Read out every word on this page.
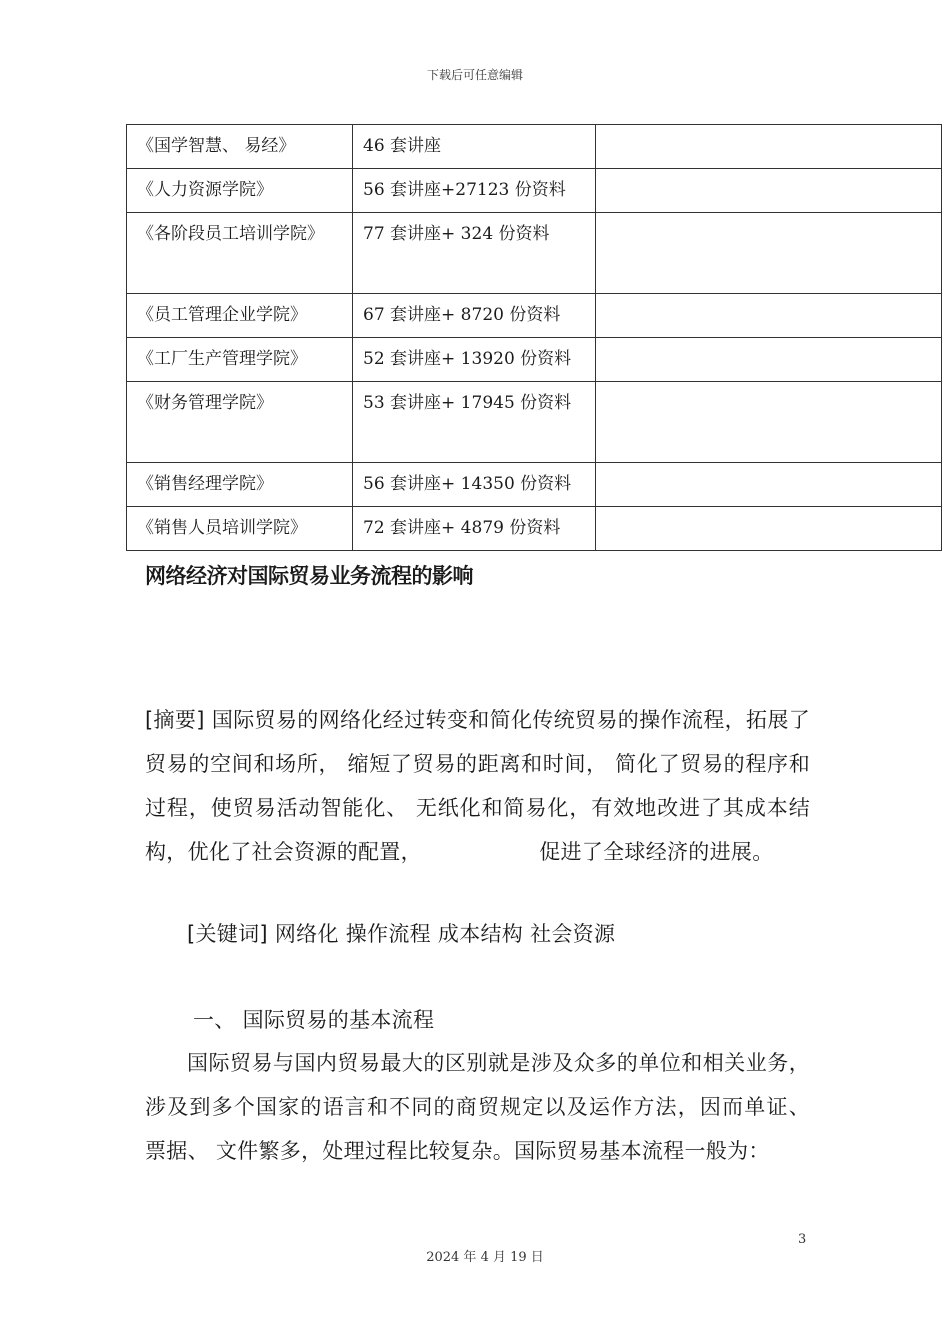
下载后可任意编辑
《国学智慧、 易经》	46 套讲座	
《人力资源学院》	56 套讲座+27123 份资料	
《各阶段员工培训学院》	77 套讲座+ 324 份资料	
《员工管理企业学院》	67 套讲座+ 8720 份资料	
《工厂生产管理学院》	52 套讲座+ 13920 份资料	
《财务管理学院》	53 套讲座+ 17945 份资料	
《销售经理学院》	56 套讲座+ 14350 份资料	
《销售人员培训学院》	72 套讲座+ 4879 份资料	
网络经济对国际贸易业务流程的影响
[摘要] 国际贸易的网络化经过转变和简化传统贸易的操作流程，拓展了贸易的空间和场所， 缩短了贸易的距离和时间， 简化了贸易的程序和过程，使贸易活动智能化、 无纸化和简易化，有效地改进了其成本结构，优化了社会资源的配置，　　　　　　促进了全球经济的进展。
[关键词] 网络化 操作流程 成本结构 社会资源
一、 国际贸易的基本流程
国际贸易与国内贸易最大的区别就是涉及众多的单位和相关业务，涉及到多个国家的语言和不同的商贸规定以及运作方法，因而单证、 票据、 文件繁多，处理过程比较复杂。国际贸易基本流程一般为：
3
2024 年 4 月 19 日
